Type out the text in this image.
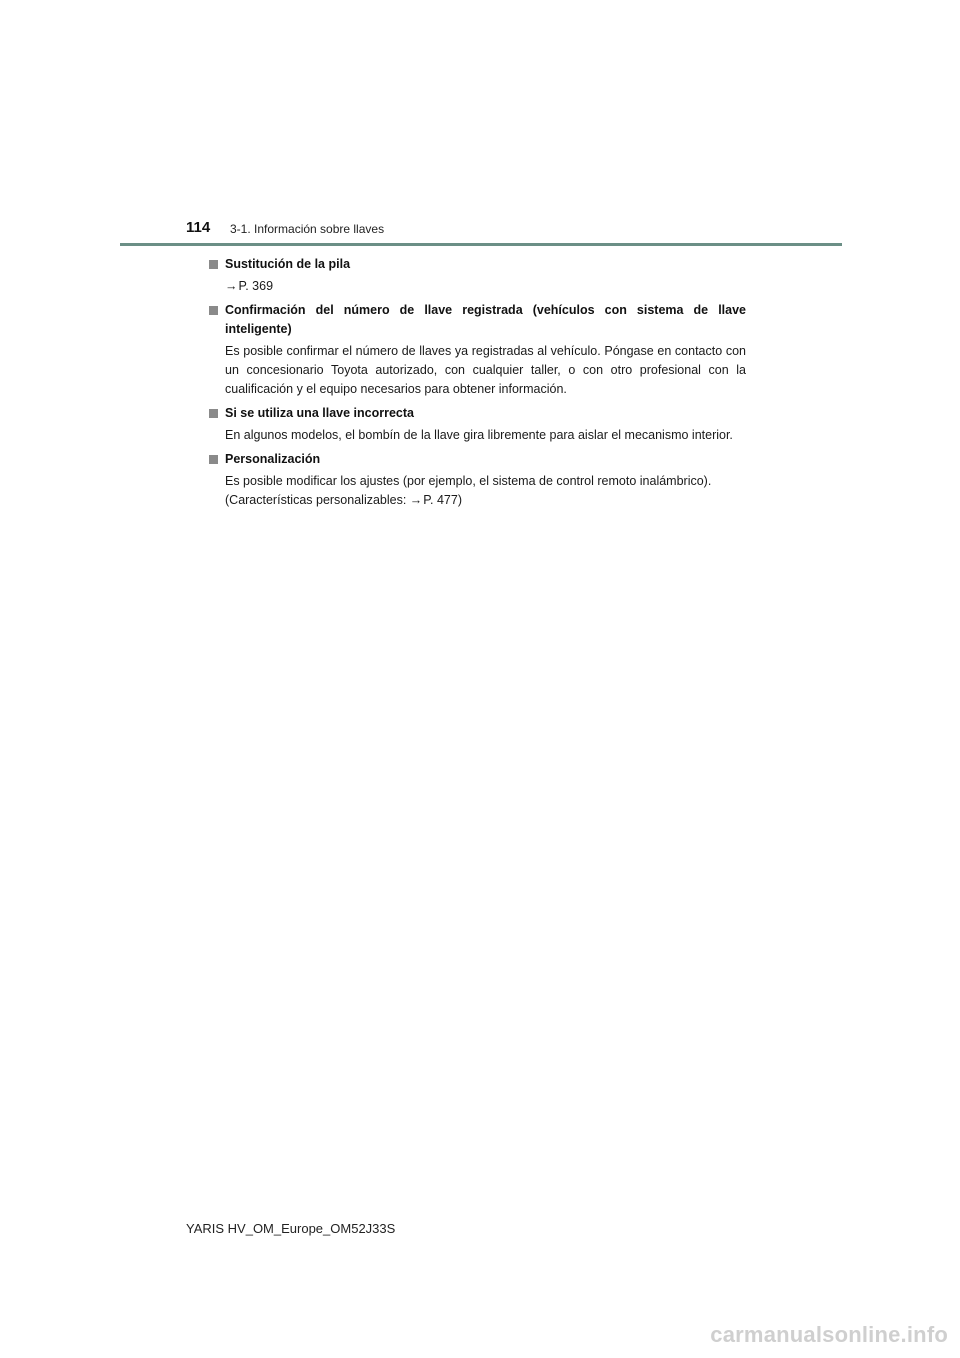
114 3-1. Información sobre llaves
Sustitución de la pila
→P. 369
Confirmación del número de llave registrada (vehículos con sistema de llave inteligente)
Es posible confirmar el número de llaves ya registradas al vehículo. Póngase en contacto con un concesionario Toyota autorizado, con cualquier taller, o con otro profesional con la cualificación y el equipo necesarios para obtener información.
Si se utiliza una llave incorrecta
En algunos modelos, el bombín de la llave gira libremente para aislar el mecanismo interior.
Personalización
Es posible modificar los ajustes (por ejemplo, el sistema de control remoto inalámbrico).
(Características personalizables: →P. 477)
YARIS HV_OM_Europe_OM52J33S
carmanualsonline.info
